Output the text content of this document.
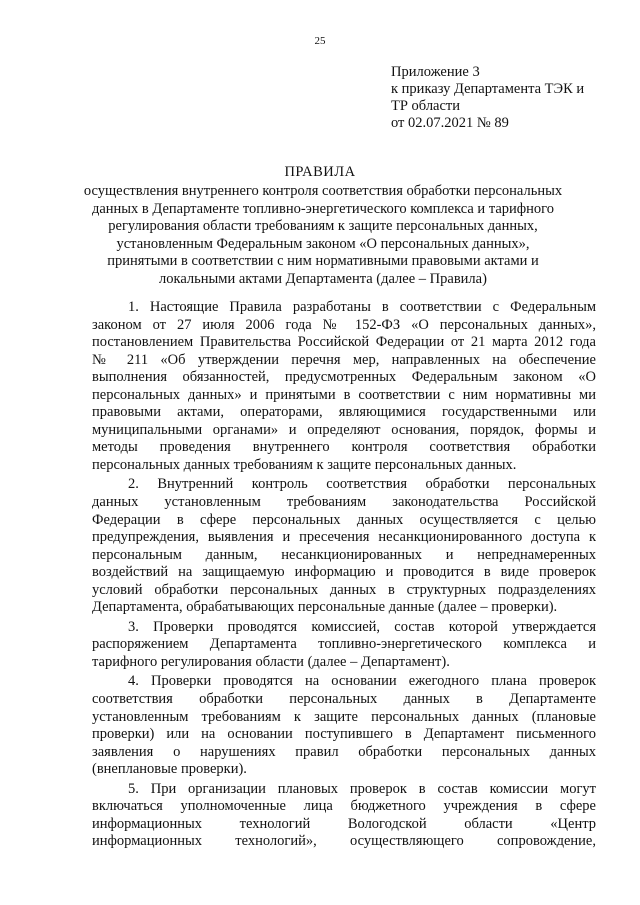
25
Приложение 3
к приказу Департамента ТЭК и
ТР области
от 02.07.2021 № 89
ПРАВИЛА
осуществления внутреннего контроля соответствия обработки персональных
данных в Департаменте топливно-энергетического комплекса и тарифного
регулирования области требованиям к защите персональных данных,
установленным Федеральным законом «О персональных данных»,
принятыми в соответствии с ним нормативными правовыми актами и
локальными актами Департамента (далее – Правила)
1. Настоящие Правила разработаны в соответствии с Федеральным
законом от 27 июля 2006 года № 152-ФЗ «О персональных данных»,
постановлением Правительства Российской Федерации от 21 марта 2012 года
№ 211 «Об утверждении перечня мер, направленных на обеспечение
выполнения обязанностей, предусмотренных Федеральным законом «О
персональных данных» и принятыми в соответствии с ним нормативны ми
правовыми актами, операторами, являющимися государственными или
муниципальными органами» и определяют основания, порядок, формы и
методы проведения внутреннего контроля соответствия обработки
персональных данных требованиям к защите персональных данных.
2. Внутренний контроль соответствия обработки персональных
данных установленным требованиям законодательства Российской
Федерации в сфере персональных данных осуществляется с целью
предупреждения, выявления и пресечения несанкционированного доступа к
персональным данным, несанкционированных и непреднамеренных
воздействий на защищаемую информацию и проводится в виде проверок
условий обработки персональных данных в структурных подразделениях
Департамента, обрабатывающих персональные данные (далее – проверки).
3. Проверки проводятся комиссией, состав которой утверждается
распоряжением Департамента топливно-энергетического комплекса и
тарифного регулирования области (далее – Департамент).
4. Проверки проводятся на основании ежегодного плана проверок
соответствия обработки персональных данных в Департаменте
установленным требованиям к защите персональных данных (плановые
проверки) или на основании поступившего в Департамент письменного
заявления о нарушениях правил обработки персональных данных
(внеплановые проверки).
5. При организации плановых проверок в состав комиссии могут
включаться уполномоченные лица бюджетного учреждения в сфере
информационных технологий Вологодской области «Центр
информационных технологий», осуществляющего сопровождение,
